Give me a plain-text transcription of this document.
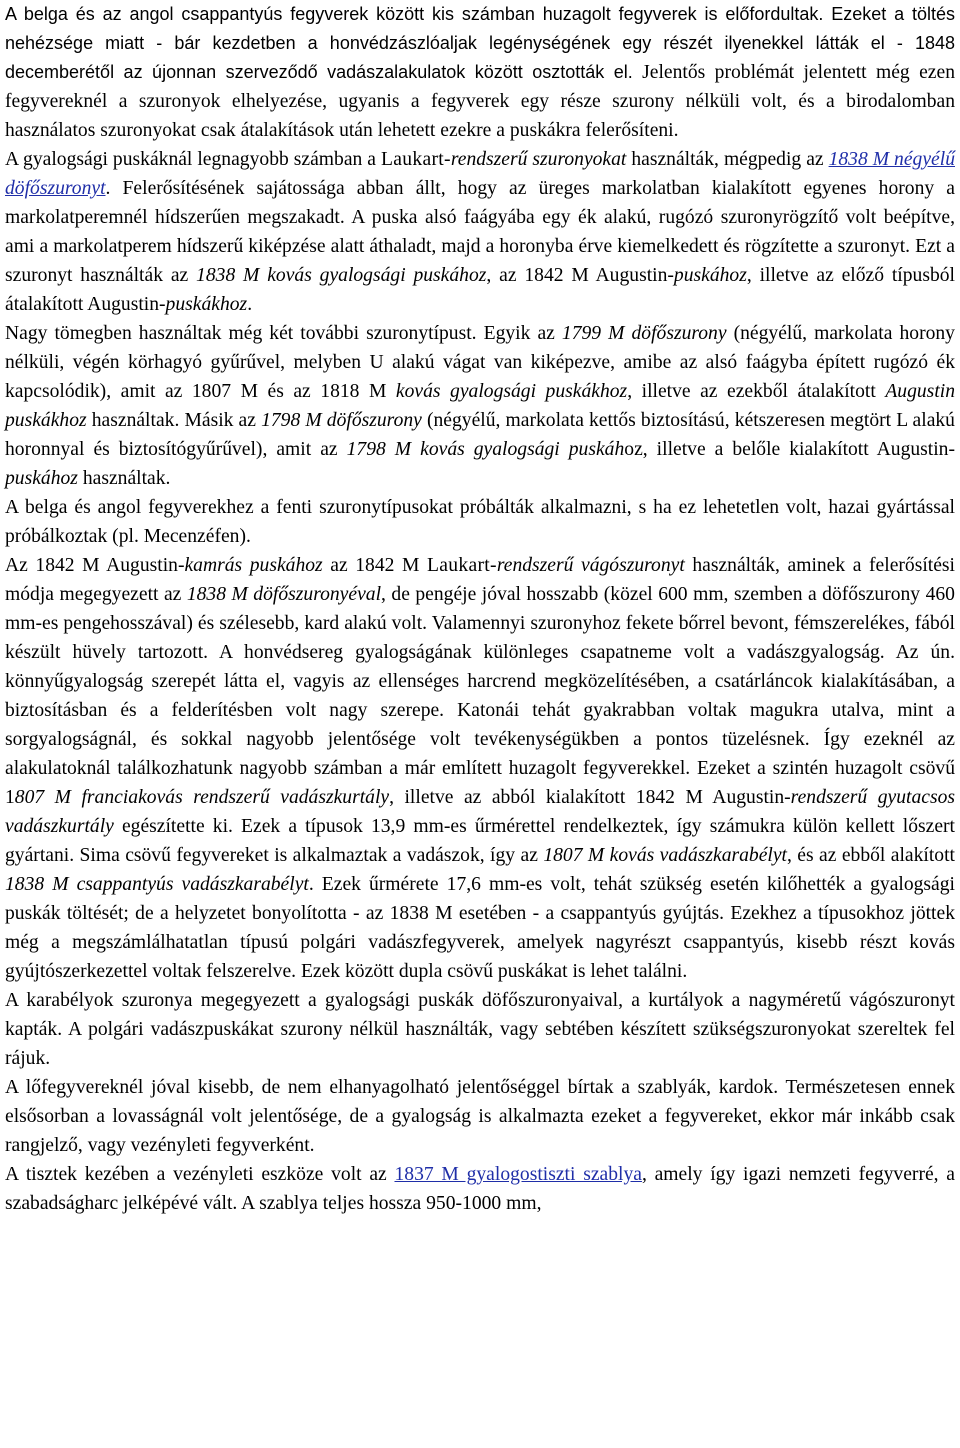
A belga és az angol csappantyús fegyverek között kis számban huzagolt fegyverek is előfordultak. Ezeket a töltés nehézsége miatt - bár kezdetben a honvédzászlóaljak legénységének egy részét ilyenekkel látták el - 1848 decemberétől az újonnan szerveződő vadászalakulatok között osztották el. Jelentős problémát jelentett még ezen fegyvereknél a szuronyok elhelyezése, ugyanis a fegyverek egy része szurony nélküli volt, és a birodalomban használatos szuronyokat csak átalakítások után lehetett ezekre a puskákra felerősíteni.

A gyalogsági puskáknál legnagyobb számban a Laukart-rendszerű szuronyokat használták, mégpedig az 1838 M négyélű döfőszuronyt. Felerősítésének sajátossága abban állt, hogy az üreges markolatban kialakított egyenes horony a markolatperemnél hídszerűen megszakadt. A puska alsó faágyába egy ék alakú, rugózó szuronyrögzítő volt beépítve, ami a markolatperem hídszerű kiképzése alatt áthaladt, majd a horonyba érve kiemelkedett és rögzítette a szuronyt. Ezt a szuronyt használták az 1838 M kovás gyalogsági puskához, az 1842 M Augustin-puskához, illetve az előző típusból átalakított Augustin-puskákhoz.

Nagy tömegben használtak még két további szuronytípust. Egyik az 1799 M döfőszurony (négyélű, markolata horony nélküli, végén körhagyó gyűrűvel, melyben U alakú vágat van kiképezve, amibe az alsó faágyba épített rugózó ék kapcsolódik), amit az 1807 M és az 1818 M kovás gyalogsági puskákhoz, illetve az ezekből átalakított Augustin puskákhoz használtak. Másik az 1798 M döfőszurony (négyélű, markolata kettős biztosítású, kétszeresen megtört L alakú horonnyal és biztosítógyűrűvel), amit az 1798 M kovás gyalogsági puskához, illetve a belőle kialakított Augustin-puskához használtak.

A belga és angol fegyverekhez a fenti szuronytípusokat próbálták alkalmazni, s ha ez lehetetlen volt, hazai gyártással próbálkoztak (pl. Mecenzéfen).

Az 1842 M Augustin-kamrás puskához az 1842 M Laukart-rendszerű vágószuronyt használták, aminek a felerősítési módja megegyezett az 1838 M döfőszuronyéval, de pengéje jóval hosszabb (közel 600 mm, szemben a döfőszurony 460 mm-es pengehosszával) és szélesebb, kard alakú volt. Valamennyi szuronyhoz fekete bőrrel bevont, fémszerelékes, fából készült hüvely tartozott. A honvédsereg gyalogságának különleges csapatneme volt a vadászgyalogság. Az ún. könnyűgyalogság szerepét látta el, vagyis az ellenséges harcrend megközelítésében, a csatárláncok kialakításában, a biztosításban és a felderítésben volt nagy szerepe. Katonái tehát gyakrabban voltak magukra utalva, mint a sorgyalogságnál, és sokkal nagyobb jelentősége volt tevékenységükben a pontos tüzelésnek. Így ezeknél az alakulatoknál találkozhatunk nagyobb számban a már említett huzagolt fegyverekkel. Ezeket a szintén huzagolt csövű 1807 M franciakovás rendszerű vadászkurtály, illetve az abból kialakított 1842 M Augustin-rendszerű gyutacsos vadászkurtály egészítette ki. Ezek a típusok 13,9 mm-es űrmérettel rendelkeztek, így számukra külön kellett lőszert gyártani. Sima csövű fegyvereket is alkalmaztak a vadászok, így az 1807 M kovás vadászkarabélyt, és az ebből alakított 1838 M csappantyús vadászkarabélyt. Ezek űrmérete 17,6 mm-es volt, tehát szükség esetén kilőhették a gyalogsági puskák töltését; de a helyzetet bonyolította - az 1838 M esetében - a csappantyús gyújtás. Ezekhez a típusokhoz jöttek még a megszámlálhatatlan típusú polgári vadászfegyverek, amelyek nagyrészt csappantyús, kisebb részt kovás gyújtószerkezettel voltak felszerelve. Ezek között dupla csövű puskákat is lehet találni.

A karabélyok szuronya megegyezett a gyalogsági puskák döfőszuronyaival, a kurtályok a nagyméretű vágószuronyt kapták. A polgári vadászpuskákat szurony nélkül használták, vagy sebtében készített szükségszuronyokat szereltek fel rájuk.

A lőfegyvereknél jóval kisebb, de nem elhanyagolható jelentőséggel bírtak a szablyák, kardok. Természetesen ennek elsősorban a lovasságnál volt jelentősége, de a gyalogság is alkalmazta ezeket a fegyvereket, ekkor már inkább csak rangjelző, vagy vezényleti fegyverként.

A tisztek kezében a vezényleti eszköze volt az 1837 M gyalogostiszti szablya, amely így igazi nemzeti fegyverré, a szabadságharc jelképévé vált. A szablya teljes hossza 950-1000 mm,
